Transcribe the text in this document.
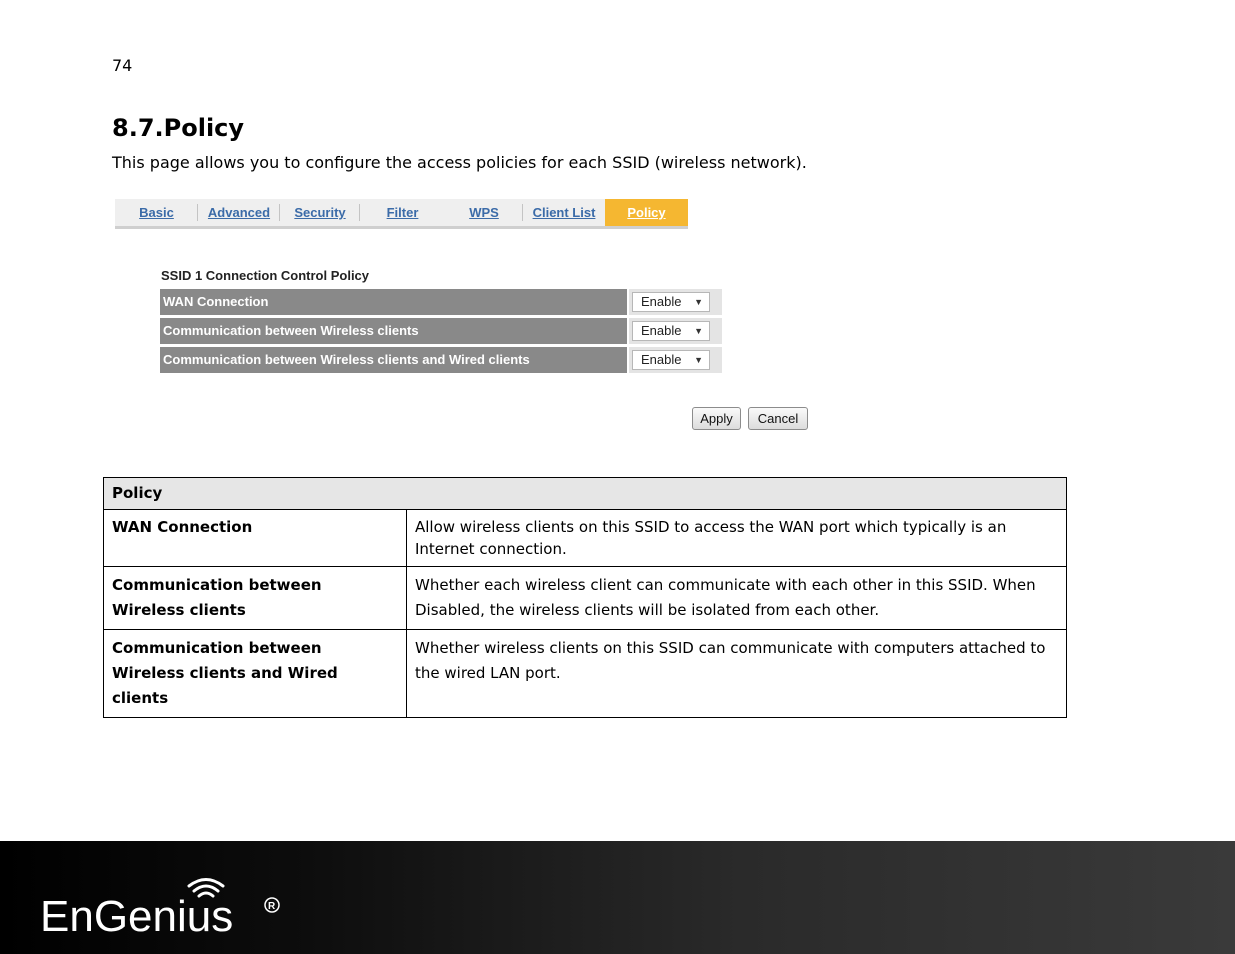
74
8.7.Policy
This page allows you to configure the access policies for each SSID (wireless network).
Basic	Advanced	Security	Filter	WPS	Client List	Policy
SSID 1 Connection Control Policy
WAN Connection	Enable ▼
Communication between Wireless clients	Enable ▼
Communication between Wireless clients and Wired clients	Enable ▼
Apply	Cancel
Policy	
WAN Connection	Allow wireless clients on this SSID to access the WAN port which typically is an Internet connection.
Communication between Wireless clients	Whether each wireless client can communicate with each other in this SSID. When Disabled, the wireless clients will be isolated from each other.
Communication between Wireless clients and Wired clients	Whether wireless clients on this SSID can communicate with computers attached to the wired LAN port.
EnGenius	R
